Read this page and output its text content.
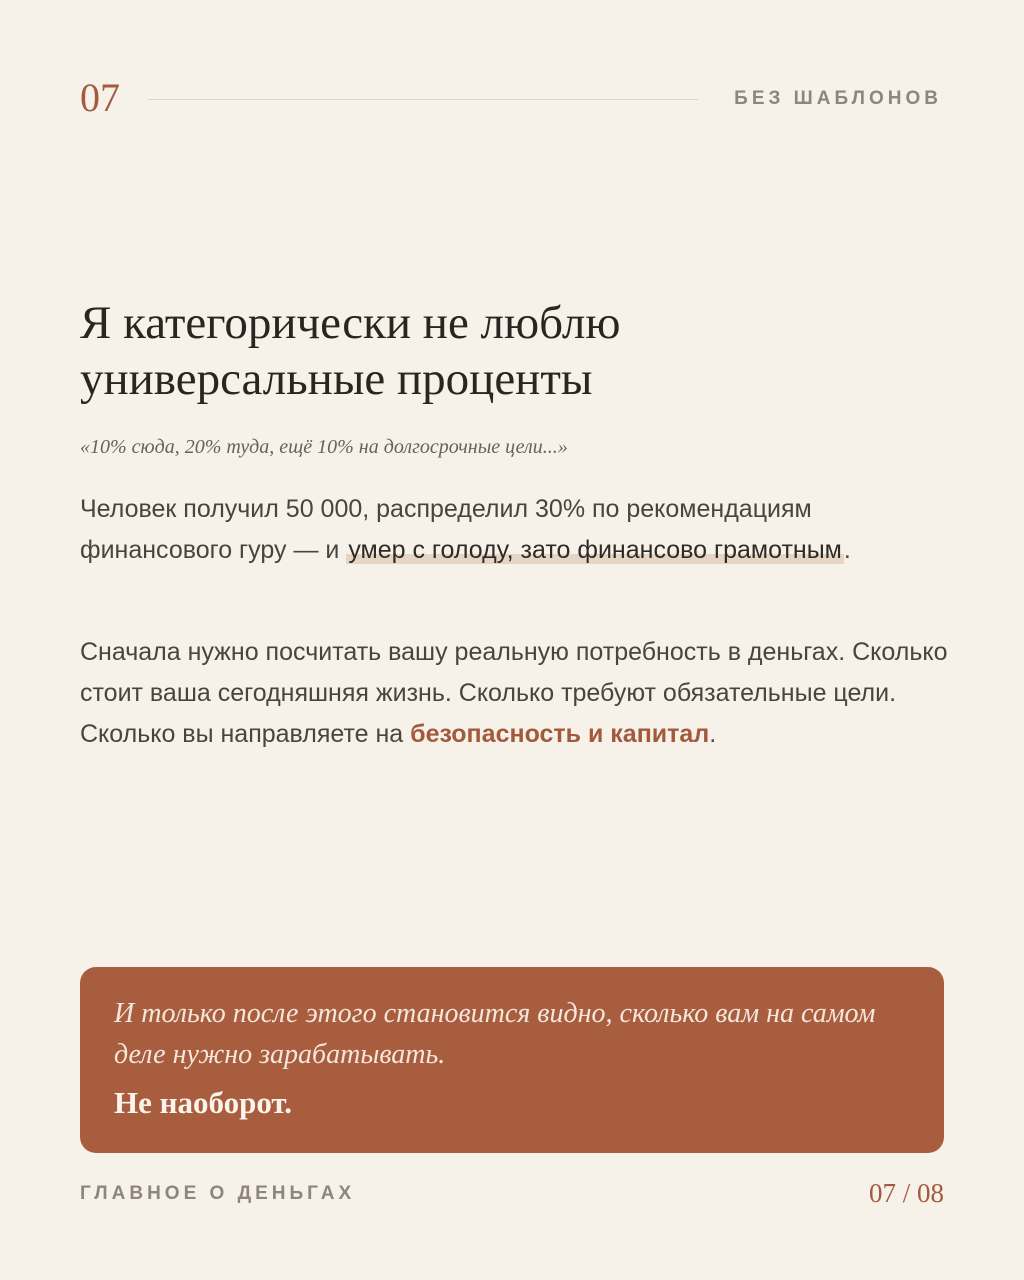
07	БЕЗ ШАБЛОНОВ
Я категорически не люблю
универсальные проценты
«10% сюда, 20% туда, ещё 10% на долгосрочные цели...»

Человек получил 50 000, распределил 30% по рекомендациям финансового гуру — и умер с голоду, зато финансово грамотным.

Сначала нужно посчитать вашу реальную потребность в деньгах. Сколько стоит ваша сегодняшняя жизнь. Сколько требуют обязательные цели. Сколько вы направляете на безопасность и капитал.

И только после этого становится видно, сколько вам на самом деле нужно зарабатывать.

Не наоборот.

ГЛАВНОЕ О ДЕНЬГАХ	07 / 08
